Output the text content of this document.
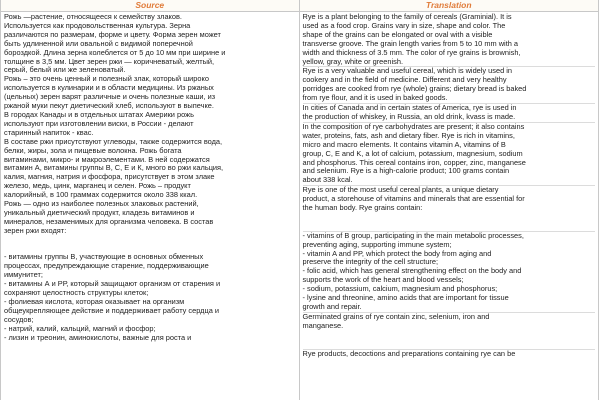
Source	Translation
Рожь —растение, относящееся к семейству злаков.
Используется как продовольственная культура. Зерна
различаются по размерам, форме и цвету. Форма зерен может
быть удлиненной или овальной с видимой поперечной
бороздкой. Длина зерна колеблется от 5 до 10 мм при ширине и
толщине в 3,5 мм. Цвет зерен ржи — коричневатый, желтый,
серый, белый или же зеленоватый.
Рожь – это очень ценный и полезный злак, который широко
используется в кулинарии и в области медицины. Из ржаных
(цельных) зерен варят различные и очень полезные каши, из
ржаной муки пекут диетический хлеб, используют в выпечке.
В городах Канады и в отдельных штатах Америки рожь
используют при изготовлении виски, в России - делают
старинный напиток - квас.
В составе ржи присутствуют углеводы, также содержится вода,
белки, жиры, зола и пищевые волокна. Рожь богата
витаминами, микро- и макроэлементами. В ней содержатся
витамин А, витамины группы В, С, Е и К, много во ржи кальция,
калия, магния, натрия и фосфора, присутствует в этом злаке
железо, медь, цинк, марганец и селен. Рожь – продукт
калорийный, в 100 граммах содержится около 338 ккал.
Рожь — одно из наиболее полезных злаковых растений,
уникальный диетический продукт, кладезь витаминов и
минералов, незаменимых для организма человека. В состав
зерен ржи входят:
- витамины группы В, участвующие в основных обменных
процессах, предупреждающие старение, поддерживающие
иммунитет;
- витамины А и РР, который защищают организм от старения и
сохраняют целостность структуры клеток;
- фолиевая кислота, которая оказывает на организм
общеукрепляющее действие и поддерживает работу сердца и
сосудов;
- натрий, калий, кальций, магний и фосфор;
- лизин и треонин, аминокислоты, важные для роста и
Rye is a plant belonging to the family of cereals (Graminial). It is
used as a food crop. Grains vary in size, shape and color. The
shape of the grains can be elongated or oval with a visible
transverse groove. The grain length varies from 5 to 10 mm with a
width and thickness of 3.5 mm. The color of rye grains is brownish,
yellow, gray, white or greenish.
Rye is a very valuable and useful cereal, which is widely used in
cookery and in the field of medicine. Different and very healthy
porridges are cooked from rye (whole) grains; dietary bread is baked
from rye flour, and it is used in baked goods.
In cities of Canada and in certain states of America, rye is used in
the production of whiskey, in Russia, an old drink, kvass is made.
In the composition of rye carbohydrates are present; it also contains
water, proteins, fats, ash and dietary fiber. Rye is rich in vitamins,
micro and macro elements. It contains vitamin A, vitamins of B
group, C, E and K, a lot of calcium, potassium, magnesium, sodium
and phosphorus. This cereal contains iron, copper, zinc, manganese
and selenium. Rye is a high-calorie product; 100 grams contain
about 338 kcal.
Rye is one of the most useful cereal plants, a unique dietary
product, a storehouse of vitamins and minerals that are essential for
the human body. Rye grains contain:
- vitamins of B group, participating in the main metabolic processes,
preventing aging, supporting immune system;
- vitamin A and PP, which protect the body from aging and
preserve the integrity of the cell structure;
- folic acid, which has general strengthening effect on the body and
supports the work of the heart and blood vessels;
- sodium, potassium, calcium, magnesium and phosphorus;
- lysine and threonine, amino acids that are important for tissue
growth and repair.
Germinated grains of rye contain zinc, selenium, iron and
manganese.
Rye products, decoctions and preparations containing rye can be
